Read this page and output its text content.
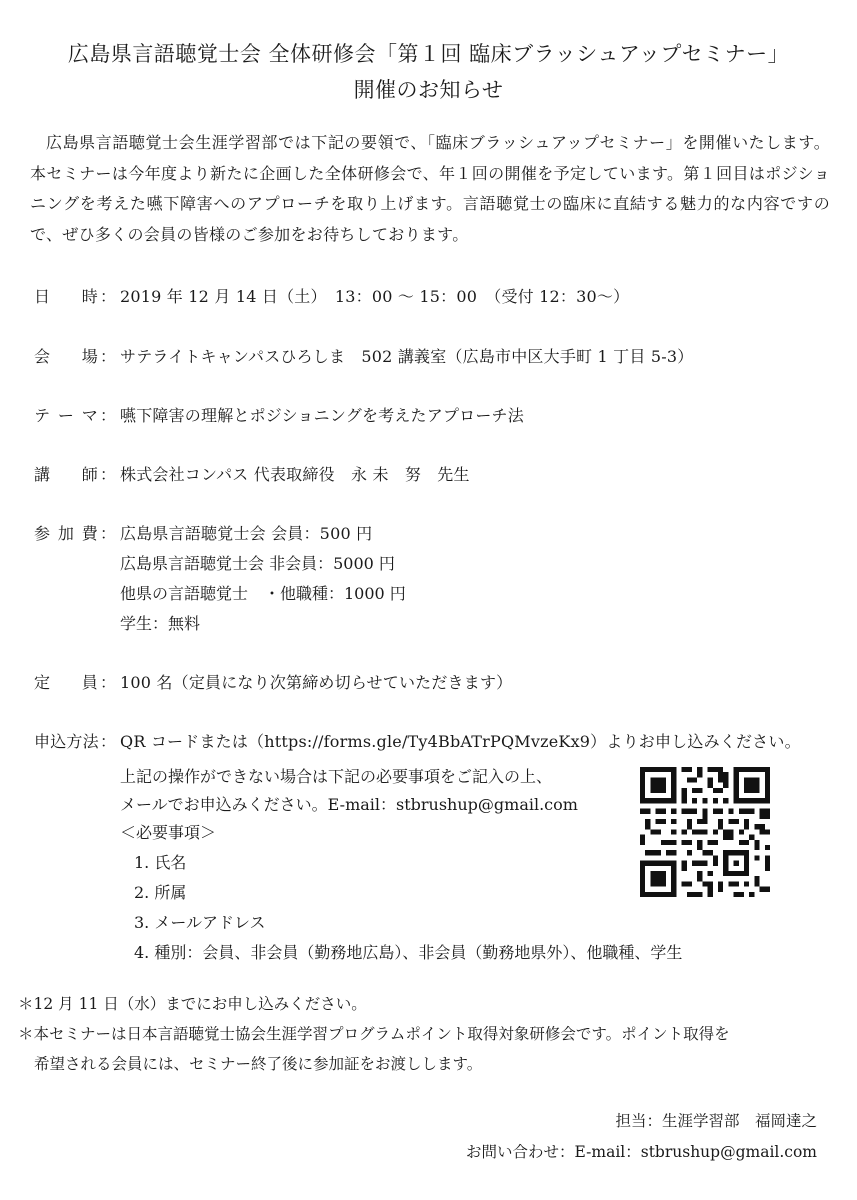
広島県言語聴覚士会 全体研修会「第１回 臨床ブラッシュアップセミナー」
開催のお知らせ
広島県言語聴覚士会生涯学習部では下記の要領で、「臨床ブラッシュアップセミナー」を開催いたします。本セミナーは今年度より新たに企画した全体研修会で、年１回の開催を予定しています。第１回目はポジショニングを考えた嚥下障害へのアプローチを取り上げます。言語聴覚士の臨床に直結する魅力的な内容ですので、ぜひ多くの会員の皆様のご参加をお待ちしております。
日時 ： 2019 年 12 月 14 日（土）　13：00 〜 15：00　（受付 12：30〜）
会場 ： サテライトキャンパスひろしま　502 講義室（広島市中区大手町 1 丁目 5-3）
テーマ ： 嚥下障害の理解とポジショニングを考えたアプローチ法
講師 ： 株式会社コンパス 代表取締役　永 未　努　先生
参加費 ： 広島県言語聴覚士会 会員：500 円
広島県言語聴覚士会 非会員：5000 円
他県の言語聴覚士　・他職種：1000 円
学生：無料
定員 ： 100 名（定員になり次第締め切らせていただきます）
申込方法 ： QR コードまたは（https://forms.gle/Ty4BbATrPQMvzeKx9）よりお申し込みください。
上記の操作ができない場合は下記の必要事項をご記入の上、
メールでお申込みください。E-mail：stbrushup@gmail.com
＜必要事項＞
1. 氏名
2. 所属
3. メールアドレス
4. 種別：会員、非会員（勤務地広島）、非会員（勤務地県外）、他職種、学生
＊12 月 11 日（水）までにお申し込みください。
＊本セミナーは日本言語聴覚士協会生涯学習プログラムポイント取得対象研修会です。ポイント取得を
希望される会員には、セミナー終了後に参加証をお渡しします。
担当：生涯学習部　福岡達之
お問い合わせ：E-mail：stbrushup@gmail.com
